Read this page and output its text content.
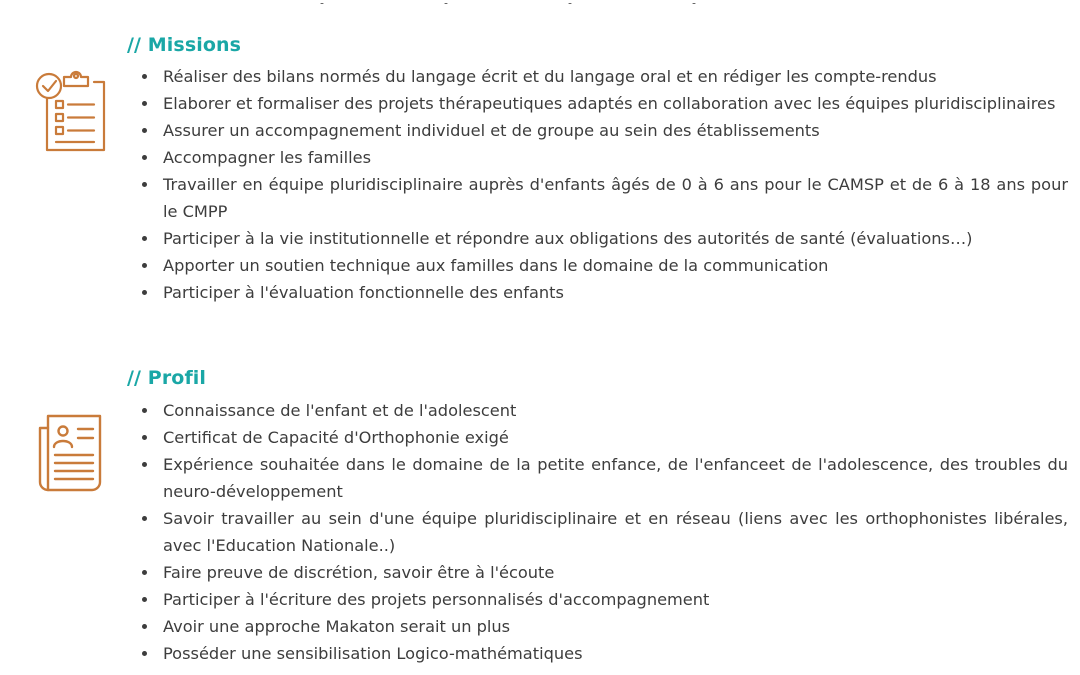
// Missions
Réaliser des bilans normés du langage écrit et du langage oral et en rédiger les compte-rendus
Elaborer et formaliser des projets thérapeutiques adaptés en collaboration avec les équipes pluridisciplinaires
Assurer un accompagnement individuel et de groupe au sein des établissements
Accompagner les familles
Travailler en équipe pluridisciplinaire auprès d'enfants âgés de 0 à 6 ans pour le CAMSP et de 6 à 18 ans pour le CMPP
Participer à la vie institutionnelle et répondre aux obligations des autorités de santé (évaluations…)
Apporter un soutien technique aux familles dans le domaine de la communication
Participer à l'évaluation fonctionnelle des enfants
// Profil
Connaissance de l'enfant et de l'adolescent
Certificat de Capacité d'Orthophonie exigé
Expérience souhaitée dans le domaine de la petite enfance, de l'enfanceet de l'adolescence, des troubles du neuro-développement
Savoir travailler au sein d'une équipe pluridisciplinaire et en réseau (liens avec les orthophonistes libérales, avec l'Education Nationale..)
Faire preuve de discrétion, savoir être à l'écoute
Participer à l'écriture des projets personnalisés d'accompagnement
Avoir une approche Makaton serait un plus
Posséder une sensibilisation Logico-mathématiques
